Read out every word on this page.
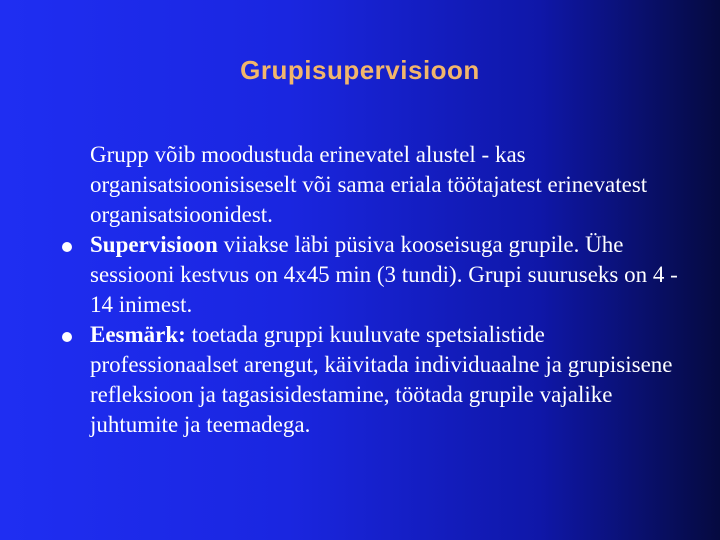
Grupisupervisioon
Grupp võib moodustuda erinevatel alustel - kas organisatsioonisiseselt või sama eriala töötajatest erinevatest organisatsioonidest.
Supervisioon viiakse läbi püsiva kooseisuga grupile. Ühe sessiooni kestvus on 4x45 min (3 tundi). Grupi suuruseks on 4 - 14 inimest.
Eesmärk: toetada gruppi kuuluvate spetsialistide professionaalset arengut, käivitada individuaalne ja grupisisene refleksioon ja tagasisidestamine, töötada grupile vajalike juhtumite ja teemadega.
